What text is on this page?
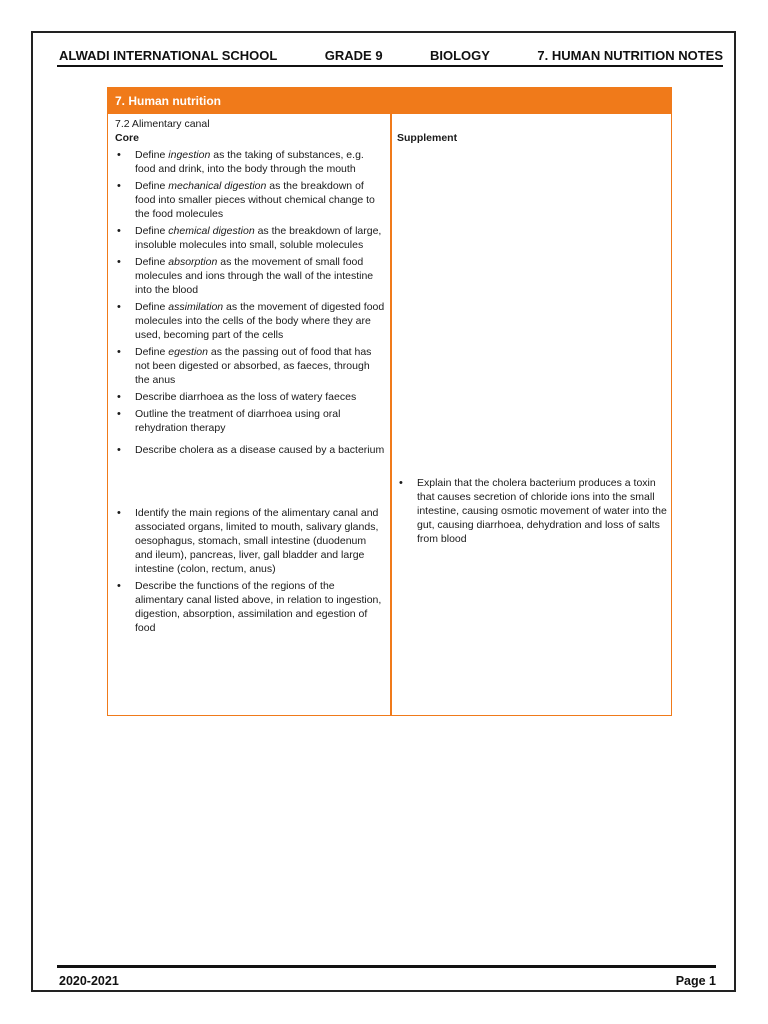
ALWADI INTERNATIONAL SCHOOL	GRADE 9	BIOLOGY	7. HUMAN NUTRITION NOTES
7. Human nutrition
7.2 Alimentary canal
Core
• Define ingestion as the taking of substances, e.g. food and drink, into the body through the mouth
• Define mechanical digestion as the breakdown of food into smaller pieces without chemical change to the food molecules
• Define chemical digestion as the breakdown of large, insoluble molecules into small, soluble molecules
• Define absorption as the movement of small food molecules and ions through the wall of the intestine into the blood
• Define assimilation as the movement of digested food molecules into the cells of the body where they are used, becoming part of the cells
• Define egestion as the passing out of food that has not been digested or absorbed, as faeces, through the anus
• Describe diarrhoea as the loss of watery faeces
• Outline the treatment of diarrhoea using oral rehydration therapy
• Describe cholera as a disease caused by a bacterium
• Identify the main regions of the alimentary canal and associated organs, limited to mouth, salivary glands, oesophagus, stomach, small intestine (duodenum and ileum), pancreas, liver, gall bladder and large intestine (colon, rectum, anus)
• Describe the functions of the regions of the alimentary canal listed above, in relation to ingestion, digestion, absorption, assimilation and egestion of food
Supplement
• Explain that the cholera bacterium produces a toxin that causes secretion of chloride ions into the small intestine, causing osmotic movement of water into the gut, causing diarrhoea, dehydration and loss of salts from blood
2020-2021	Page 1
